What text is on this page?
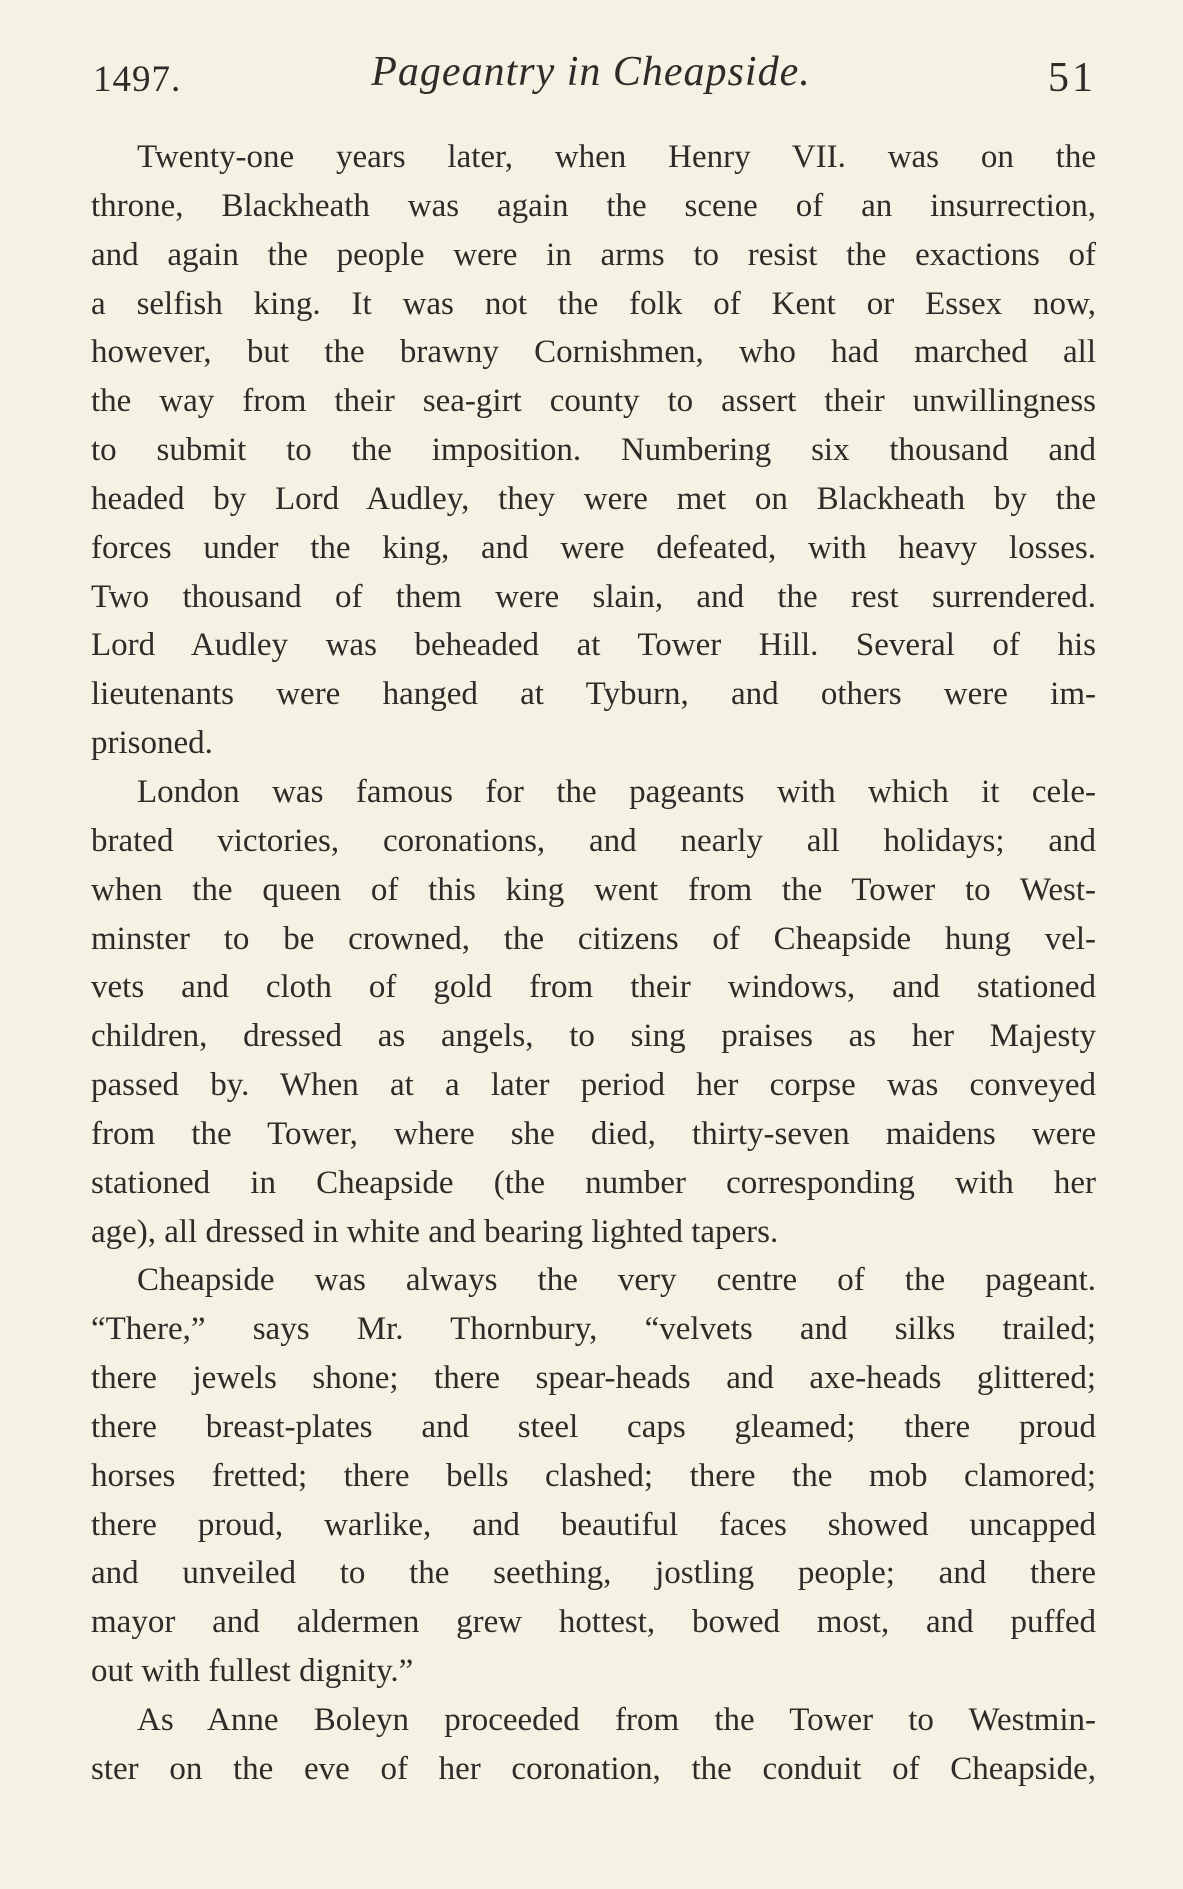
1497.	Pageantry in Cheapside.	51
Twenty-one years later, when Henry VII. was on the
throne, Blackheath was again the scene of an insurrection,
and again the people were in arms to resist the exactions of
a selfish king. It was not the folk of Kent or Essex now,
however, but the brawny Cornishmen, who had marched all
the way from their sea-girt county to assert their unwillingness
to submit to the imposition. Numbering six thousand and
headed by Lord Audley, they were met on Blackheath by the
forces under the king, and were defeated, with heavy losses.
Two thousand of them were slain, and the rest surrendered.
Lord Audley was beheaded at Tower Hill. Several of his
lieutenants were hanged at Tyburn, and others were im-
prisoned.
London was famous for the pageants with which it cele-
brated victories, coronations, and nearly all holidays; and
when the queen of this king went from the Tower to West-
minster to be crowned, the citizens of Cheapside hung vel-
vets and cloth of gold from their windows, and stationed
children, dressed as angels, to sing praises as her Majesty
passed by. When at a later period her corpse was conveyed
from the Tower, where she died, thirty-seven maidens were
stationed in Cheapside (the number corresponding with her
age), all dressed in white and bearing lighted tapers.
Cheapside was always the very centre of the pageant.
“There,” says Mr. Thornbury, “velvets and silks trailed;
there jewels shone; there spear-heads and axe-heads glittered;
there breast-plates and steel caps gleamed; there proud
horses fretted; there bells clashed; there the mob clamored;
there proud, warlike, and beautiful faces showed uncapped
and unveiled to the seething, jostling people; and there
mayor and aldermen grew hottest, bowed most, and puffed
out with fullest dignity.”
As Anne Boleyn proceeded from the Tower to Westmin-
ster on the eve of her coronation, the conduit of Cheapside,
